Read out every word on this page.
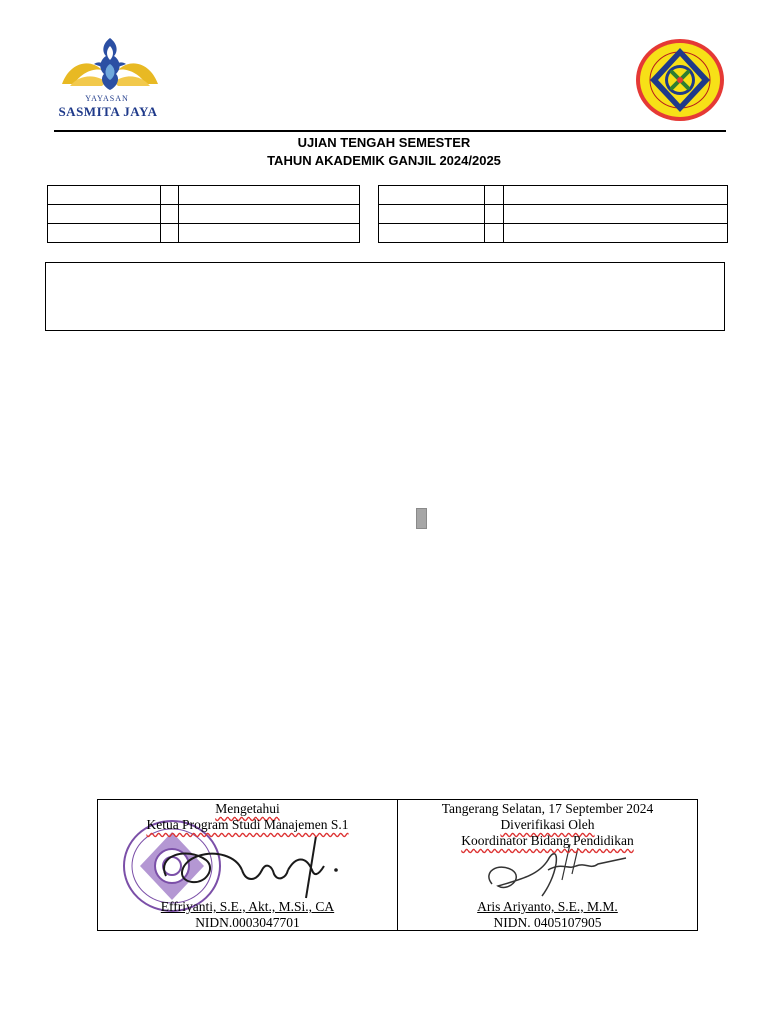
YAYASAN
SASMITA JAYA
UJIAN TENGAH SEMESTER
TAHUN AKADEMIK GANJIL 2024/2025

Mengetahui
Ketua Program Studi Manajemen S.1
Effriyanti, S.E., Akt., M.Si., CA
NIDN.0003047701

Tangerang Selatan, 17 September 2024
Diverifikasi Oleh
Koordinator Bidang Pendidikan
Aris Ariyanto, S.E., M.M.
NIDN. 0405107905
